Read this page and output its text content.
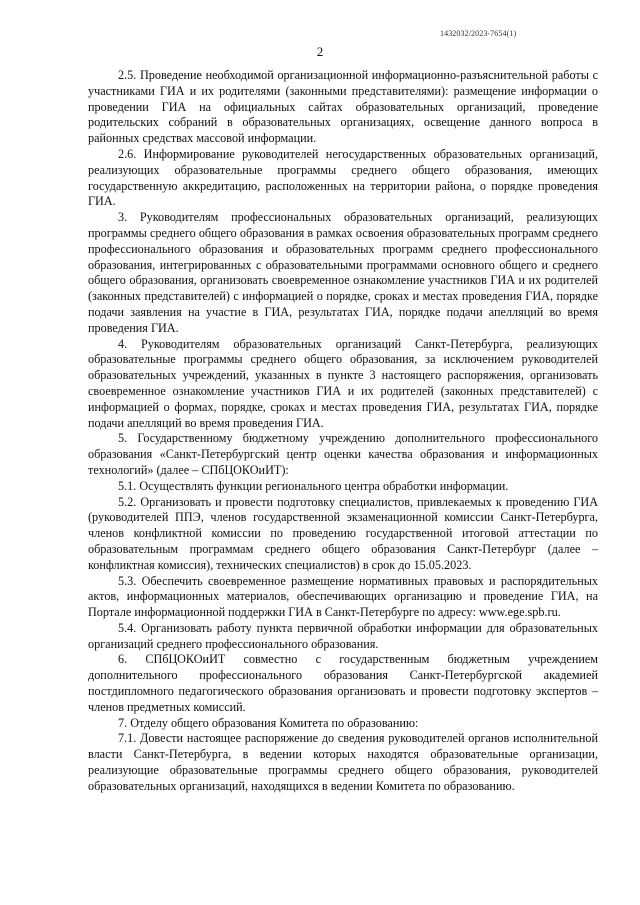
1432032/2023-7654(1)
2

2.5. Проведение необходимой организационной информационно-разъяснительной работы с участниками ГИА и их родителями (законными представителями): размещение информации о проведении ГИА на официальных сайтах образовательных организаций, проведение родительских собраний в образовательных организациях, освещение данного вопроса в районных средствах массовой информации.

2.6. Информирование руководителей негосударственных образовательных организаций, реализующих образовательные программы среднего общего образования, имеющих государственную аккредитацию, расположенных на территории района, о порядке проведения ГИА.

3. Руководителям профессиональных образовательных организаций, реализующих программы среднего общего образования в рамках освоения образовательных программ среднего профессионального образования и образовательных программ среднего профессионального образования, интегрированных с образовательными программами основного общего и среднего общего образования, организовать своевременное ознакомление участников ГИА и их родителей (законных представителей) с информацией о порядке, сроках и местах проведения ГИА, порядке подачи заявления на участие в ГИА, результатах ГИА, порядке подачи апелляций во время проведения ГИА.

4. Руководителям образовательных организаций Санкт-Петербурга, реализующих образовательные программы среднего общего образования, за исключением руководителей образовательных учреждений, указанных в пункте 3 настоящего распоряжения, организовать своевременное ознакомление участников ГИА и их родителей (законных представителей) с информацией о формах, порядке, сроках и местах проведения ГИА, результатах ГИА, порядке подачи апелляций во время проведения ГИА.

5. Государственному бюджетному учреждению дополнительного профессионального образования «Санкт-Петербургский центр оценки качества образования и информационных технологий» (далее – СПбЦОКОиИТ):

5.1. Осуществлять функции регионального центра обработки информации.

5.2. Организовать и провести подготовку специалистов, привлекаемых к проведению ГИА (руководителей ППЭ, членов государственной экзаменационной комиссии Санкт-Петербурга, членов конфликтной комиссии по проведению государственной итоговой аттестации по образовательным программам среднего общего образования Санкт-Петербург (далее – конфликтная комиссия), технических специалистов) в срок до 15.05.2023.

5.3. Обеспечить своевременное размещение нормативных правовых и распорядительных актов, информационных материалов, обеспечивающих организацию и проведение ГИА, на Портале информационной поддержки ГИА в Санкт-Петербурге по адресу: www.ege.spb.ru.

5.4. Организовать работу пункта первичной обработки информации для образовательных организаций среднего профессионального образования.

6. СПбЦОКОиИТ совместно с государственным бюджетным учреждением дополнительного профессионального образования Санкт-Петербургской академией постдипломного педагогического образования организовать и провести подготовку экспертов – членов предметных комиссий.

7. Отделу общего образования Комитета по образованию:

7.1. Довести настоящее распоряжение до сведения руководителей органов исполнительной власти Санкт-Петербурга, в ведении которых находятся образовательные организации, реализующие образовательные программы среднего общего образования, руководителей образовательных организаций, находящихся в ведении Комитета по образованию.
